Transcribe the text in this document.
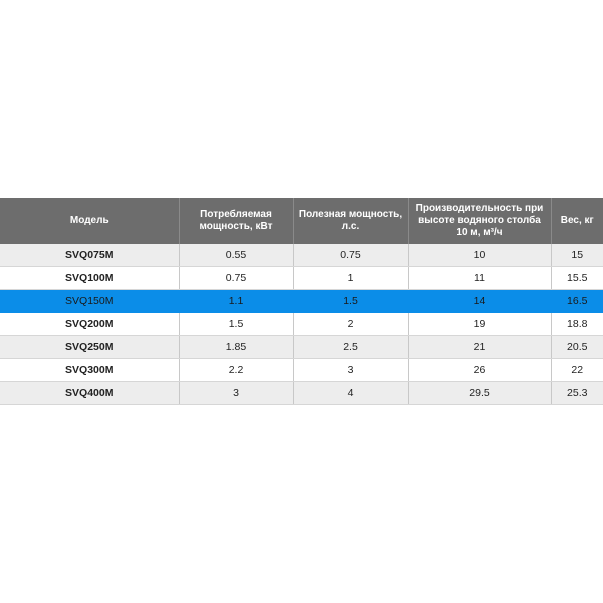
Модель	Потребляемая мощность, кВт	Полезная мощность, л.с.	Производительность при высоте водяного столба 10 м, м³/ч	Вес, кг
SVQ075M	0.55	0.75	10	15
SVQ100M	0.75	1	11	15.5
SVQ150M	1.1	1.5	14	16.5
SVQ200M	1.5	2	19	18.8
SVQ250M	1.85	2.5	21	20.5
SVQ300M	2.2	3	26	22
SVQ400M	3	4	29.5	25.3
